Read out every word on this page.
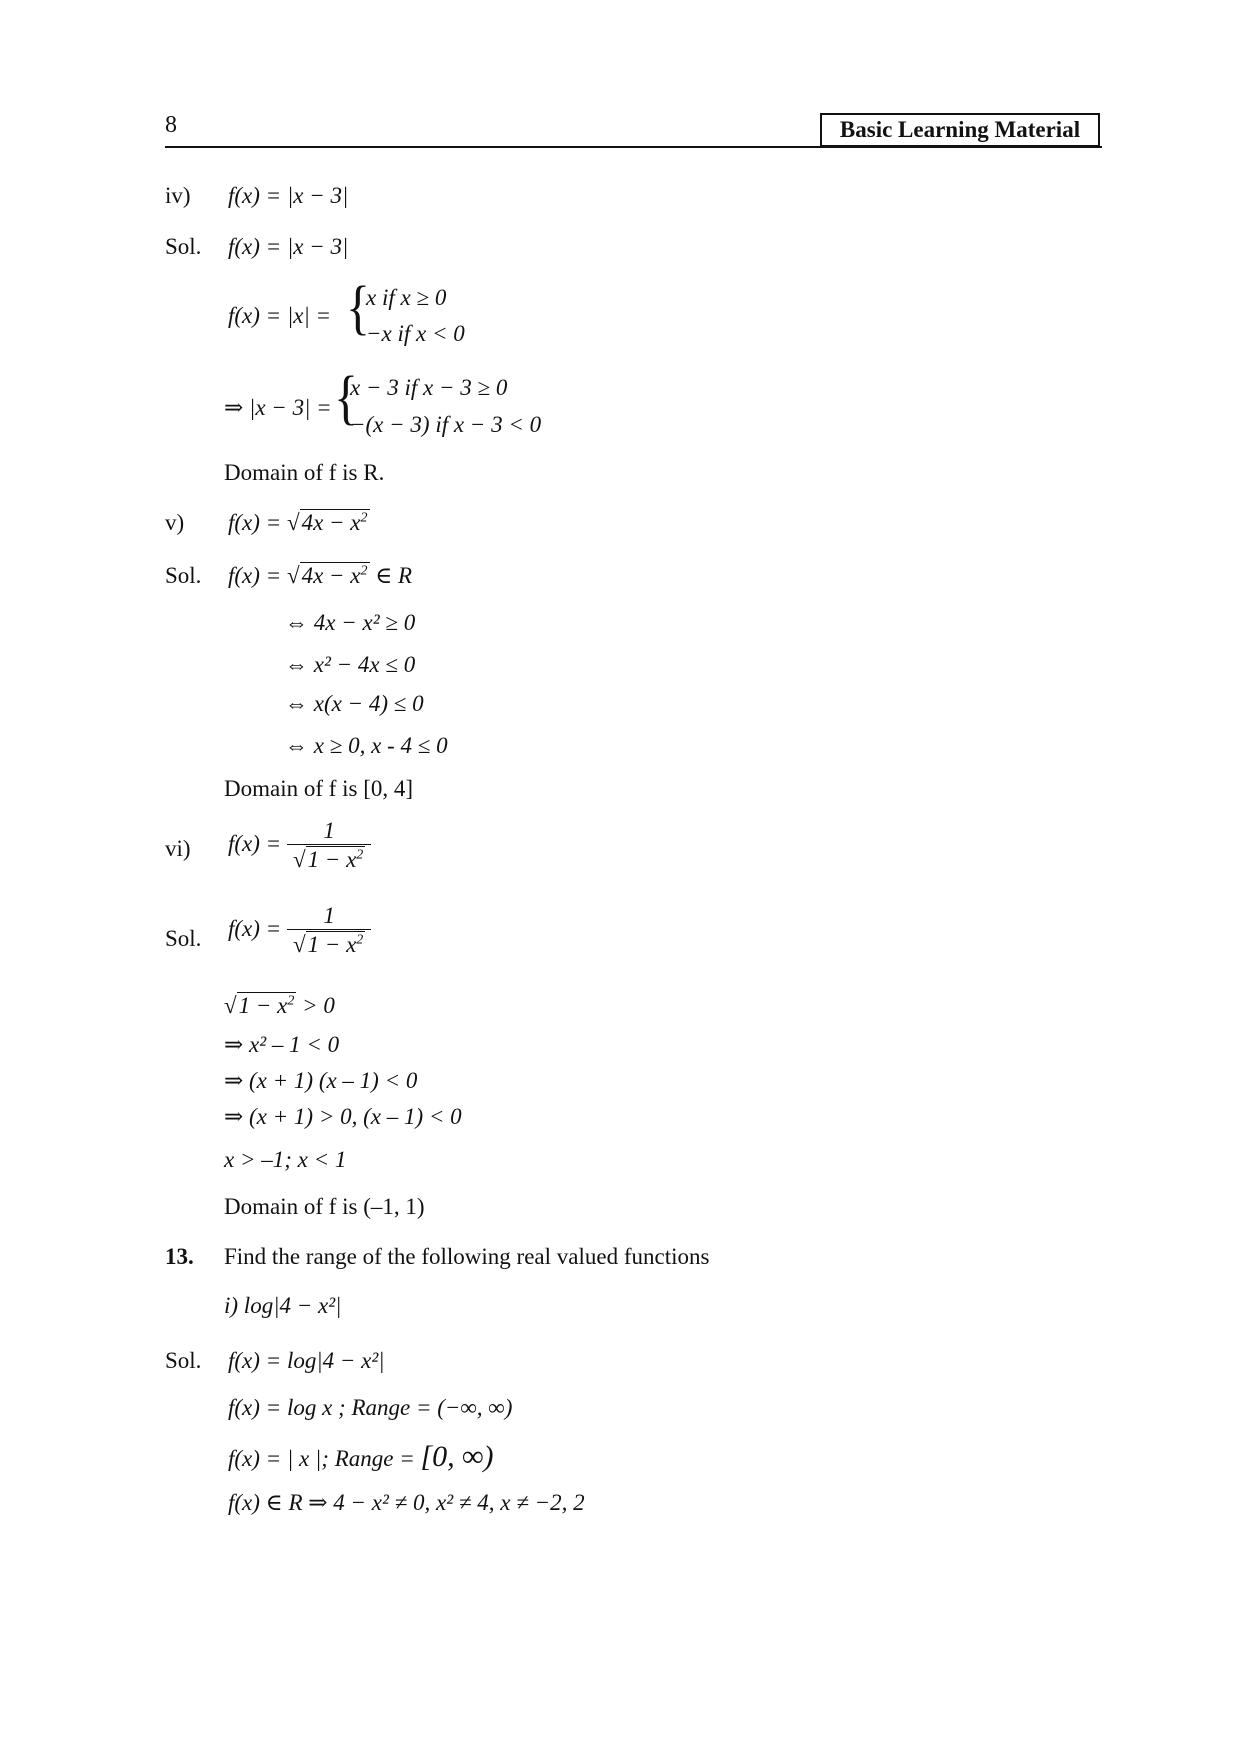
8	Basic Learning Material
iv) f(x) = |x − 3|
Sol. f(x) = |x − 3|
f(x) = |x| = {
x if x ≥ 0
−x if x < 0
⇒ |x − 3| = {
x − 3 if x − 3 ≥ 0
−(x − 3) if x − 3 < 0
Domain of f is R.
v) $f(x) = √4x - x^2$
Sol. $f(x) = √4x - x^2$ ∈ R
⇔ 4x − x² ≥ 0
⇔ x² − 4x ≤ 0
⇔ x(x − 4) ≤ 0
⇔ x ≥ 0, x - 4 ≤ 0
Domain of f is [0, 4]
vi) $f(x) = \frac{1}{√1 - x^2}$
Sol. $f(x) = \frac{1}{√1 - x^2}$
$√1 - x^2 > 0$
⇒ x² – 1 < 0
⇒ (x + 1) (x – 1) < 0
⇒ (x + 1) > 0, (x – 1) < 0
x > –1; x < 1
Domain of f is (–1, 1)
13. Find the range of the following real valued functions
i) log|4 − x²|
Sol. f(x) = log|4 − x²|
f(x) = log x ; Range = (−∞, ∞)
f(x) = | x |; Range = [0, ∞)
f(x) ∈ R ⇒ 4 − x² ≠ 0, x² ≠ 4, x ≠ −2, 2
